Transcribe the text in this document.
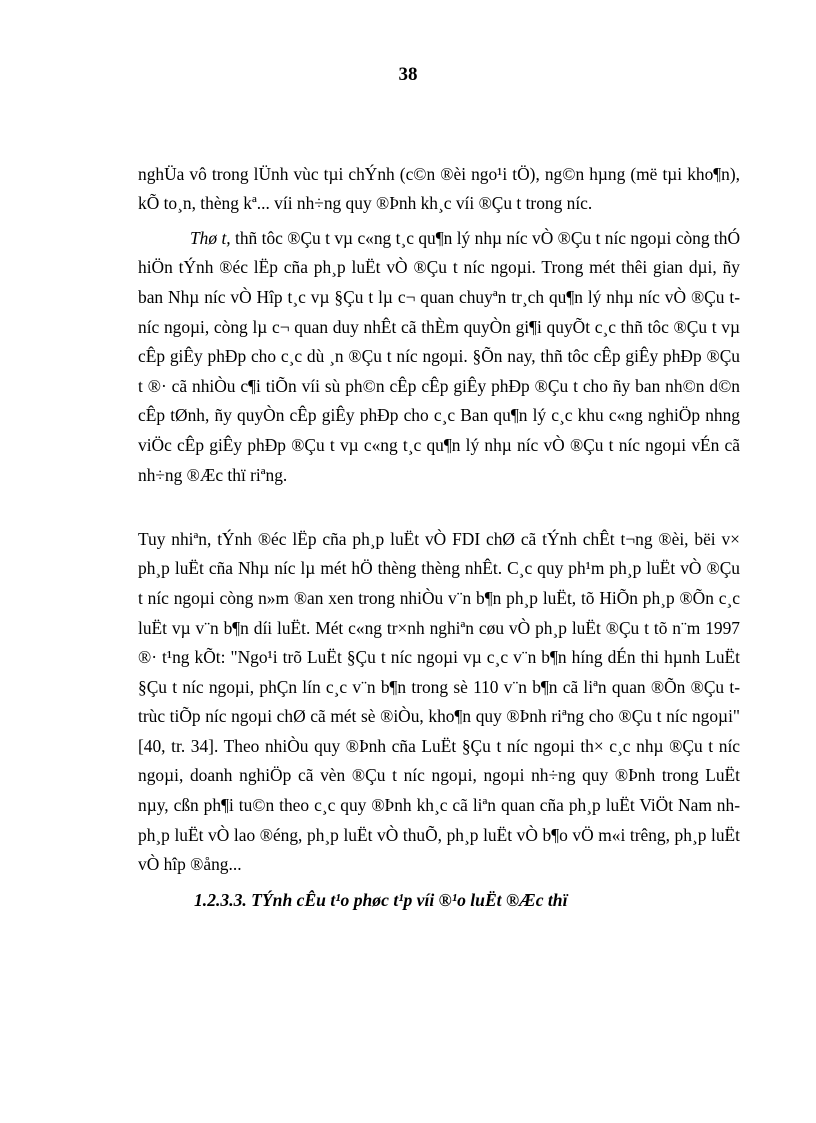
38

nghÜa vô trong lÜnh vùc tµi chÝnh (c©n ®èi ngo¹i tÖ), ng©n hµng (më tµi kho¶n), kÕ to¸n, thèng kª... víi nh÷ng quy ®Þnh kh¸c víi ®Çu t trong níc.

Thø t, thñ tôc ®Çu t vµ c«ng t¸c qu¶n lý nhµ níc vÒ ®Çu t níc ngoµi còng thÓ hiÖn tÝnh ®éc lËp cña ph¸p luËt vÒ ®Çu t níc ngoµi. Trong mét thêi gian dµi, ñy ban Nhµ níc vÒ Hîp t¸c vµ §Çu t lµ c¬ quan chuyªn tr¸ch qu¶n lý nhµ níc vÒ ®Çu t níc ngoµi, còng lµ c¬ quan duy nhÊt cã thÈm quyÒn gi¶i quyÕt c¸c thñ tôc ®Çu t vµ cÊp giÊy phÐp cho c¸c dù ¸n ®Çu t níc ngoµi. §Õn nay, thñ tôc cÊp giÊy phÐp ®Çu t ®· cã nhiÒu c¶i tiÕn víi sù ph©n cÊp cÊp giÊy phÐp ®Çu t cho ñy ban nh©n d©n cÊp tØnh, ñy quyÒn cÊp giÊy phÐp cho c¸c Ban qu¶n lý c¸c khu c«ng nghiÖp nhng viÖc cÊp giÊy phÐp ®Çu t vµ c«ng t¸c qu¶n lý nhµ níc vÒ ®Çu t níc ngoµi vÉn cã nh÷ng ®Æc thï riªng.

Tuy nhiªn, tÝnh ®éc lËp cña ph¸p luËt vÒ FDI chØ cã tÝnh chÊt t¬ng ®èi, bëi v× ph¸p luËt cña Nhµ níc lµ mét hÖ thèng thèng nhÊt. C¸c quy ph¹m ph¸p luËt vÒ ®Çu t níc ngoµi còng n»m ®an xen trong nhiÒu v¨n b¶n ph¸p luËt, tõ HiÕn ph¸p ®Õn c¸c luËt vµ v¨n b¶n díi luËt. Mét c«ng tr×nh nghiªn cøu vÒ ph¸p luËt ®Çu t tõ n¨m 1997 ®· t¹ng kÕt: "Ngo¹i trõ LuËt §Çu t níc ngoµi vµ c¸c v¨n b¶n híng dÉn thi hµnh LuËt §Çu t níc ngoµi, phÇn lín c¸c v¨n b¶n trong sè 110 v¨n b¶n cã liªn quan ®Õn ®Çu t trùc tiÕp níc ngoµi chØ cã mét sè ®iÒu, kho¶n quy ®Þnh riªng cho ®Çu t níc ngoµi" [40, tr. 34]. Theo nhiÒu quy ®Þnh cña LuËt §Çu t níc ngoµi th× c¸c nhµ ®Çu t níc ngoµi, doanh nghiÖp cã vèn ®Çu t níc ngoµi, ngoµi nh÷ng quy ®Þnh trong LuËt nµy, cßn ph¶i tu©n theo c¸c quy ®Þnh kh¸c cã liªn quan cña ph¸p luËt ViÖt Nam nh ph¸p luËt vÒ lao ®éng, ph¸p luËt vÒ thuÕ, ph¸p luËt vÒ b¶o vÖ m«i trêng, ph¸p luËt vÒ hîp ®ång...

1.2.3.3. TÝnh cÊu t¹o phøc t¹p víi ®¹o luËt ®Æc thï
